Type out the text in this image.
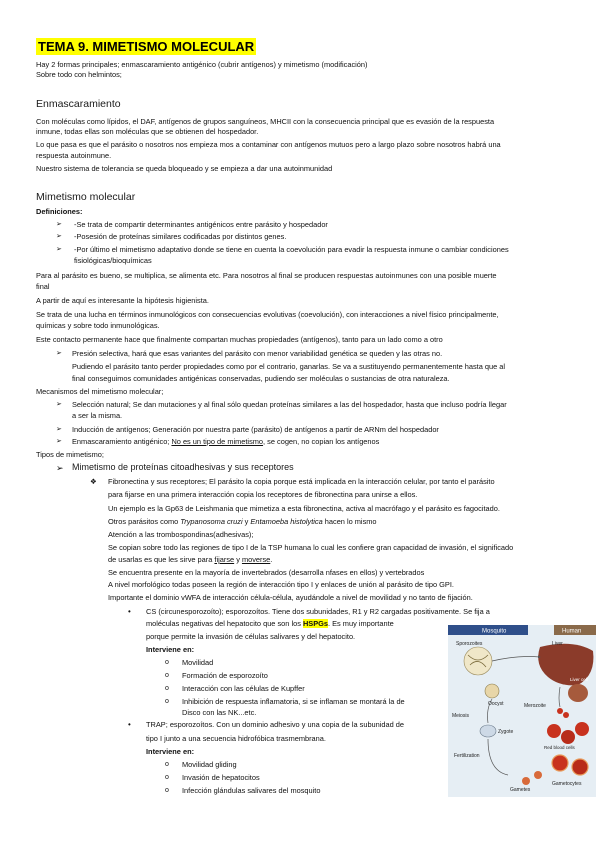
TEMA 9. MIMETISMO MOLECULAR
Hay 2 formas principales; enmascaramiento antigénico (cubrir antígenos) y mimetismo (modificación)
Sobre todo con helmintos;
Enmascaramiento
Con moléculas como lípidos, el DAF, antígenos de grupos sanguíneos, MHCII con la consecuencia principal que es evasión de la respuesta
inmune, todas ellas son moléculas que se obtienen del hospedador.
Lo que pasa es que el parásito o nosotros nos empieza mos a contaminar con antígenos mutuos pero a largo plazo sobre nosotros habrá una
respuesta autoinmune.
Nuestro sistema de tolerancia se queda bloqueado y se empieza a dar una autoinmunidad
Mimetismo molecular
Definiciones:
➢ -Se trata de compartir determinantes antigénicos entre parásito y hospedador
➢ -Posesión de proteínas similares codificadas por distintos genes.
➢ -Por último el mimetismo adaptativo donde se tiene en cuenta la coevolución para evadir la respuesta inmune o cambiar condiciones
fisiológicas/bioquímicas
Para al parásito es bueno, se multiplica, se alimenta etc. Para nosotros al final se producen respuestas autoinmunes con una posible muerte
final
A partir de aquí es interesante la hipótesis higienista.
Se trata de una lucha en términos inmunológicos con consecuencias evolutivas (coevolución), con interacciones a nivel físico principalmente,
químicas y sobre todo inmunológicas.
Este contacto permanente hace que finalmente compartan muchas propiedades (antígenos), tanto para un lado como a otro
➢ Presión selectiva, hará que esas variantes del parásito con menor variabilidad genética se queden y las otras no.
Pudiendo el parásito tanto perder propiedades como por el contrario, ganarlas. Se va a sustituyendo permanentemente hasta que al
final conseguimos comunidades antigénicas conservadas, pudiendo ser moléculas o sustancias de otra naturaleza.
Mecanismos del mimetismo molecular;
➢ Selección natural; Se dan mutaciones y al final sólo quedan proteínas similares a las del hospedador, hasta que incluso podría llegar
a ser la misma.
➢ Inducción de antígenos; Generación por nuestra parte (parásito) de antígenos a partir de ARNm del hospedador
➢ Enmascaramiento antigénico; No es un tipo de mimetismo, se cogen, no copian los antígenos
Tipos de mimetismo;
➢ Mimetismo de proteínas citoadhesivas y sus receptores
❖ Fibronectina y sus receptores; El parásito la copia porque está implicada en la interacción celular, por tanto el parásito
para fijarse en una primera interacción copia los receptores de fibronectina para unirse a ellos.
Un ejemplo es la Gp63 de Leishmania que mimetiza a esta fibronectina, activa al macrófago y el parásito es fagocitado.
Otros parásitos como Trypanosoma cruzi y Entamoeba histolytica hacen lo mismo
Atención a las trombospondinas(adhesivas);
Se copian sobre todo las regiones de tipo I de la TSP humana lo cual les confiere gran capacidad de invasión, el significado
de usarlas es que les sirve para fijarse y moverse.
Se encuentra presente en la mayoría de invertebrados (desarrolla nfases en ellos) y vertebrados
A nivel morfológico todas poseen la región de interacción tipo I y enlaces de unión al parásito de tipo GPI.
Importante el dominio vWFA de interacción célula-célula, ayudándole a nivel de movilidad y no tanto de fijación.
• CS (circunesporozoíto); esporozoítos. Tiene dos subunidades, R1 y R2 cargadas positivamente. Se fija a
moléculas negativas del hepatocito que son los HSPGs. Es muy importante
porque permite la invasión de células salivares y del hepatocito.
Interviene en:
o Movilidad
o Formación de esporozoíto
o Interacción con las células de Kupffer
o Inhibición de respuesta inflamatoria, si se inflaman se montará la de
Disco con las NK...etc.
• TRAP; esporozoítos. Con un dominio adhesivo y una copia de la subunidad de
tipo I junto a una secuencia hidrofóbica trasmembrana.
Interviene en:
o Movilidad gliding
o Invasión de hepatocitos
o Infección glándulas salivares del mosquito
Mosquito	Human
Sporozoites	Liver
Liver cell
Oocyst	Merozoite
Meiosis
Zygote
Red blood cells
Fertilization
Gametes
Gametocytes
